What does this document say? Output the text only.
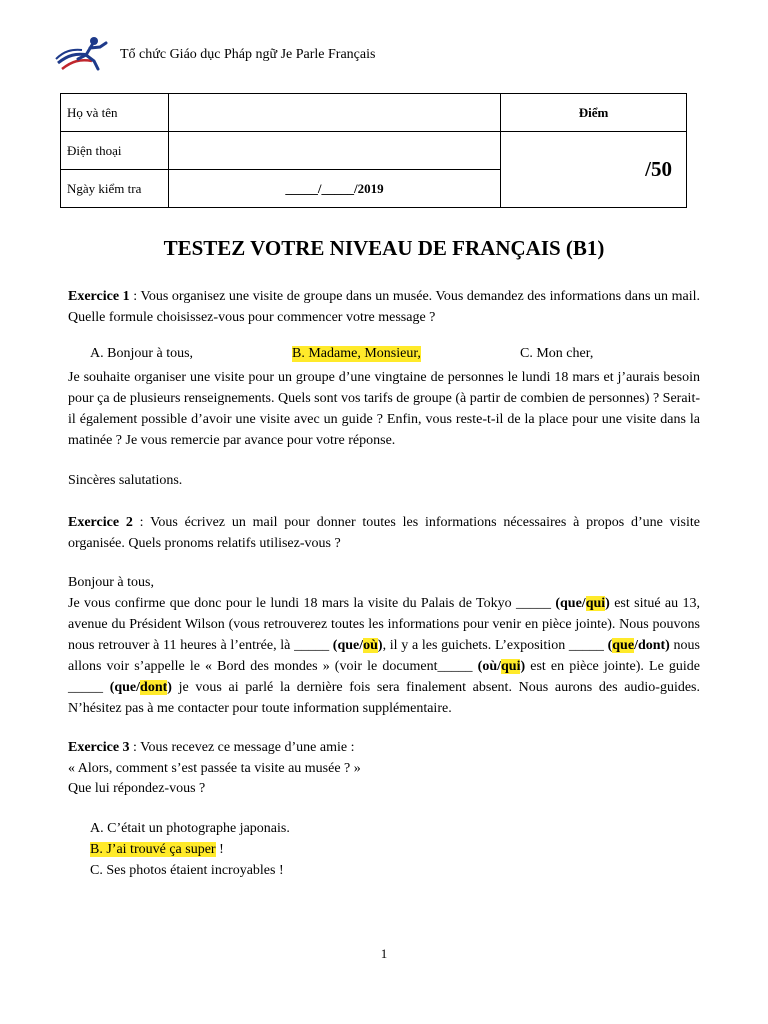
Tổ chức Giáo dục Pháp ngữ Je Parle Français
Họ và tên		Điểm
Điện thoại		/50
Ngày kiểm tra	_____/_____/2019	
TESTEZ VOTRE NIVEAU DE FRANÇAIS (B1)
Exercice 1 : Vous organisez une visite de groupe dans un musée. Vous demandez des informations dans un mail. Quelle formule choisissez-vous pour commencer votre message ?
A. Bonjour à tous,	B. Madame, Monsieur,	C. Mon cher,
Je souhaite organiser une visite pour un groupe d’une vingtaine de personnes le lundi 18 mars et j’aurais besoin pour ça de plusieurs renseignements. Quels sont vos tarifs de groupe (à partir de combien de personnes) ? Serait-il également possible d’avoir une visite avec un guide ? Enfin, vous reste-t-il de la place pour une visite dans la matinée ? Je vous remercie par avance pour votre réponse.
Sincères salutations.
Exercice 2 : Vous écrivez un mail pour donner toutes les informations nécessaires à propos d’une visite organisée. Quels pronoms relatifs utilisez-vous ?
Bonjour à tous,
Je vous confirme que donc pour le lundi 18 mars la visite du Palais de Tokyo _____ (que/qui) est situé au 13, avenue du Président Wilson (vous retrouverez toutes les informations pour venir en pièce jointe). Nous pouvons nous retrouver à 11 heures à l’entrée, là _____ (que/où), il y a les guichets. L’exposition _____ (que/dont) nous allons voir s’appelle le « Bord des mondes » (voir le document_____ (où/qui) est en pièce jointe). Le guide _____ (que/dont) je vous ai parlé la dernière fois sera finalement absent. Nous aurons des audio-guides. N’hésitez pas à me contacter pour toute information supplémentaire.
Exercice 3 : Vous recevez ce message d’une amie :
« Alors, comment s’est passée ta visite au musée ? »
Que lui répondez-vous ?
A. C’était un photographe japonais.
B. J’ai trouvé ça super !
C. Ses photos étaient incroyables !
1
